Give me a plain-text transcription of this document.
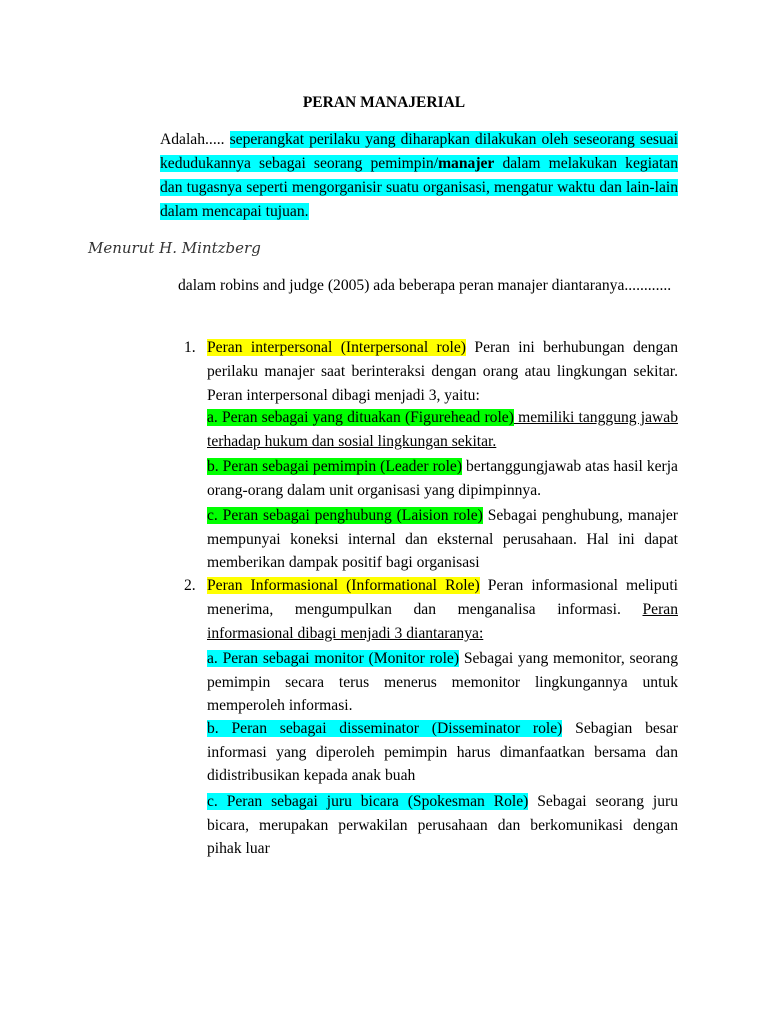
PERAN MANAJERIAL
Adalah..... seperangkat perilaku yang diharapkan dilakukan oleh seseorang sesuai kedudukannya sebagai seorang pemimpin/manajer dalam melakukan kegiatan dan tugasnya seperti mengorganisir suatu organisasi, mengatur waktu dan lain-lain dalam mencapai tujuan.
Menurut H. Mintzberg
dalam robins and judge (2005) ada beberapa peran manajer diantaranya............
1. Peran interpersonal (Interpersonal role) Peran ini berhubungan dengan perilaku manajer saat berinteraksi dengan orang atau lingkungan sekitar. Peran interpersonal dibagi menjadi 3, yaitu:
a. Peran sebagai yang dituakan (Figurehead role) memiliki tanggung jawab terhadap hukum dan sosial lingkungan sekitar.
b. Peran sebagai pemimpin (Leader role) bertanggungjawab atas hasil kerja orang-orang dalam unit organisasi yang dipimpinnya.
c. Peran sebagai penghubung (Laision role) Sebagai penghubung, manajer mempunyai koneksi internal dan eksternal perusahaan. Hal ini dapat memberikan dampak positif bagi organisasi
2. Peran Informasional (Informational Role) Peran informasional meliputi menerima, mengumpulkan dan menganalisa informasi. Peran informasional dibagi menjadi 3 diantaranya:
a. Peran sebagai monitor (Monitor role) Sebagai yang memonitor, seorang pemimpin secara terus menerus memonitor lingkungannya untuk memperoleh informasi.
b. Peran sebagai disseminator (Disseminator role) Sebagian besar informasi yang diperoleh pemimpin harus dimanfaatkan bersama dan didistribusikan kepada anak buah
c. Peran sebagai juru bicara (Spokesman Role) Sebagai seorang juru bicara, merupakan perwakilan perusahaan dan berkomunikasi dengan pihak luar
